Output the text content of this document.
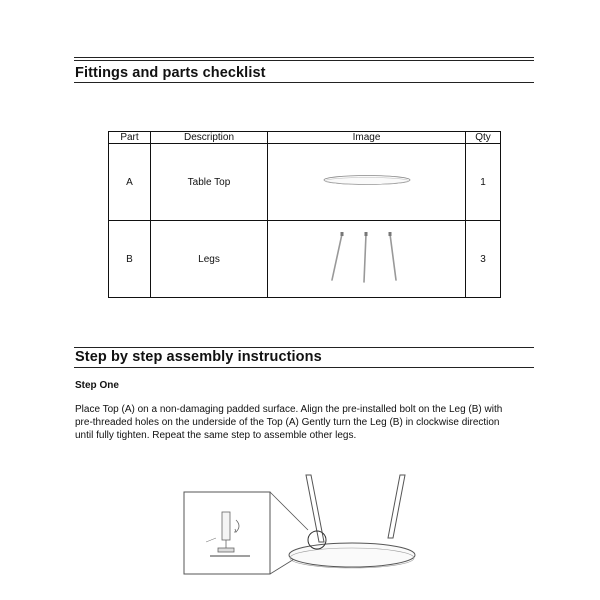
Fittings and parts checklist
Part	Description	Image	Qty
A	Table Top		1
B	Legs		3
Step by step assembly instructions
Step One
Place Top (A) on a non-damaging padded surface. Align the pre-installed bolt on the Leg (B) with
pre-threaded holes on the underside of the Top (A) Gently turn the Leg (B) in clockwise direction
until fully tighten. Repeat the same step to assemble other legs.
